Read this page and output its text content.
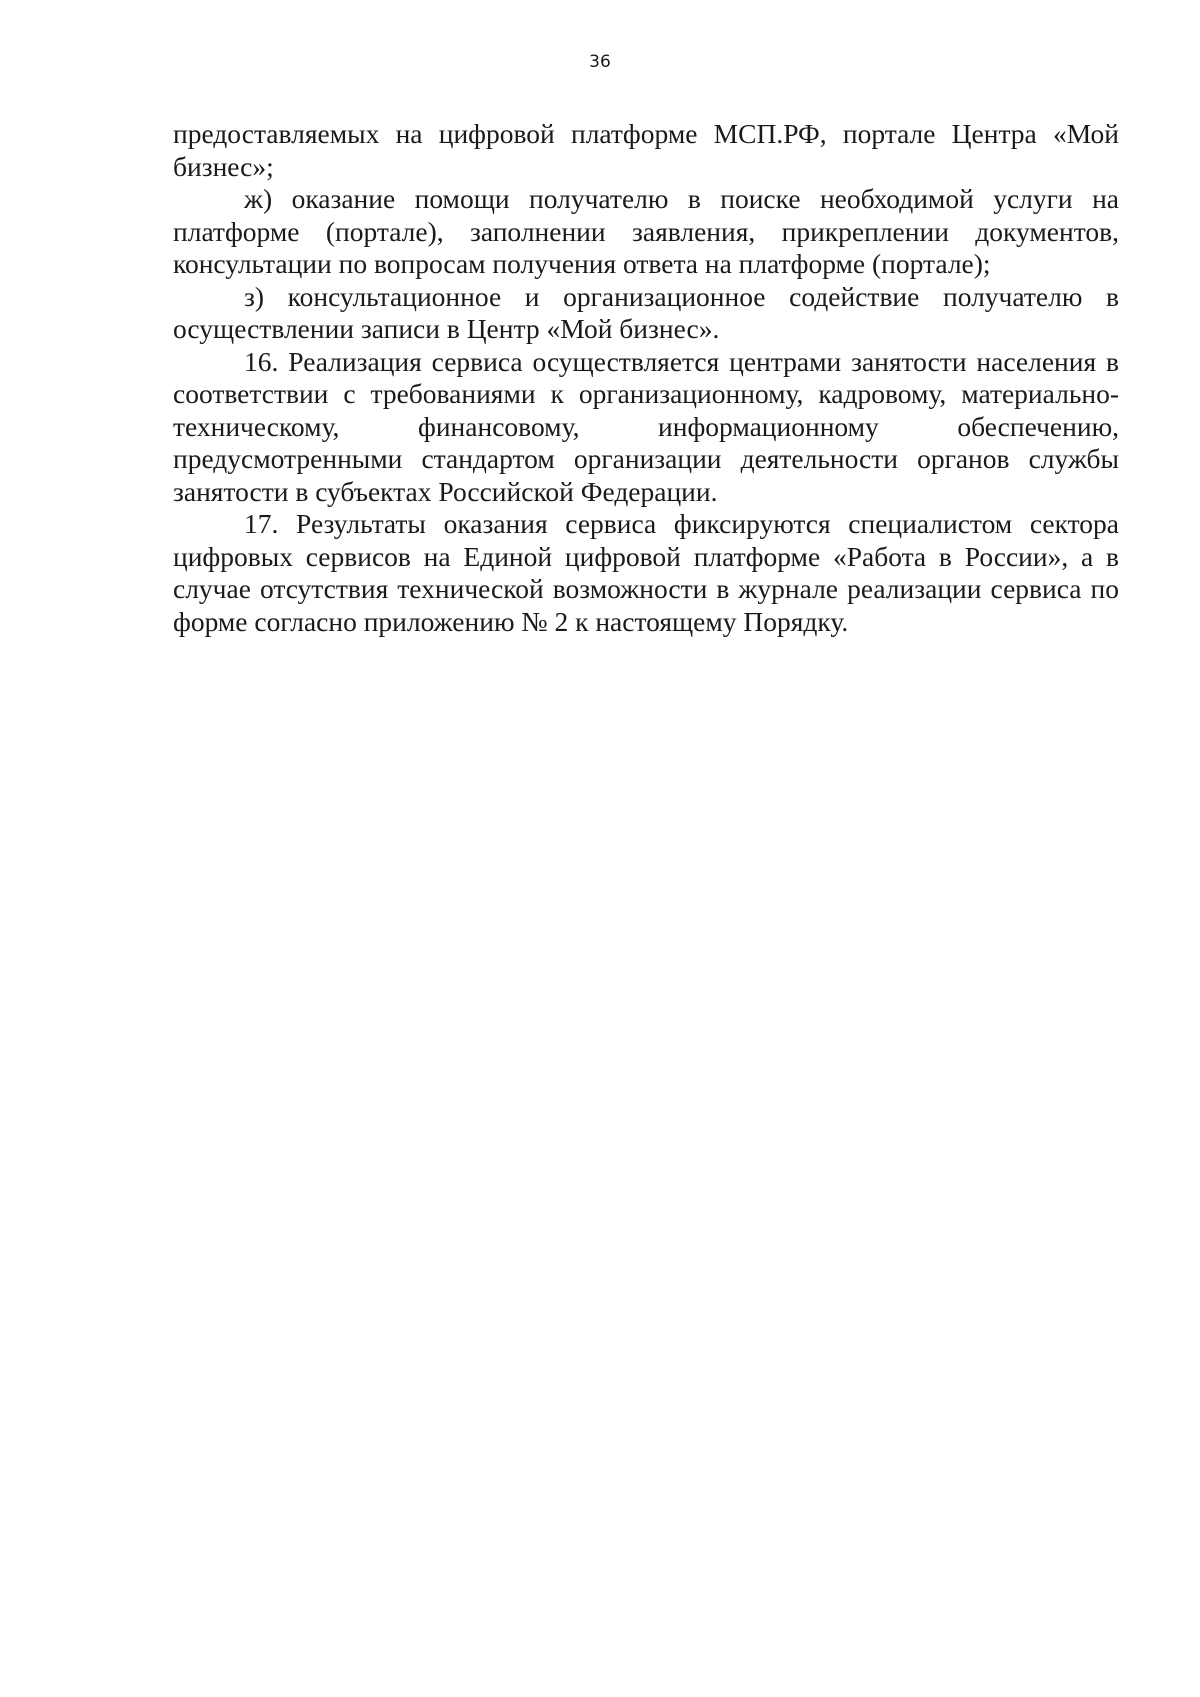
36

предоставляемых на цифровой платформе МСП.РФ, портале Центра «Мой бизнес»;

ж) оказание помощи получателю в поиске необходимой услуги на платформе (портале), заполнении заявления, прикреплении документов, консультации по вопросам получения ответа на платформе (портале);

з) консультационное и организационное содействие получателю в осуществлении записи в Центр «Мой бизнес».

16. Реализация сервиса осуществляется центрами занятости населения в соответствии с требованиями к организационному, кадровому, материально-техническому, финансовому, информационному обеспечению, предусмотренными стандартом организации деятельности органов службы занятости в субъектах Российской Федерации.

17. Результаты оказания сервиса фиксируются специалистом сектора цифровых сервисов на Единой цифровой платформе «Работа в России», а в случае отсутствия технической возможности в журнале реализации сервиса по форме согласно приложению № 2 к настоящему Порядку.
